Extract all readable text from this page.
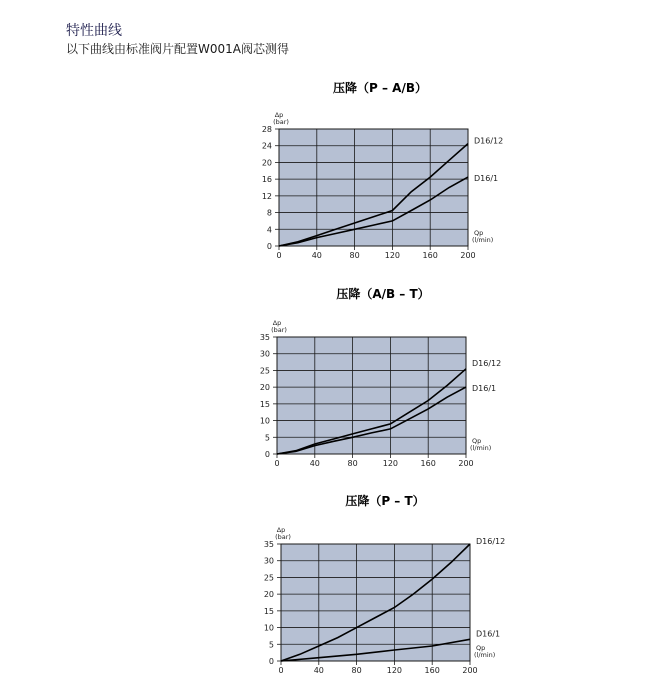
特性曲线
以下曲线由标准阀片配置W001A阀芯测得
压降（P – A/B）
0
4
8
12
16
20
24
28
0	40	80	120	160	200
Δp
(bar)
Qp
(l/min)
D16/12
D16/1
压降（A/B – T）
0
5
10
15
20
25
30
35
0	40	80	120	160	200
Δp
(bar)
Qp
(l/min)
D16/12
D16/1
压降（P – T）
0
5
10
15
20
25
30
35
0	40	80	120	160	200
Δp
(bar)
Qp
(l/min)
D16/12
D16/1
